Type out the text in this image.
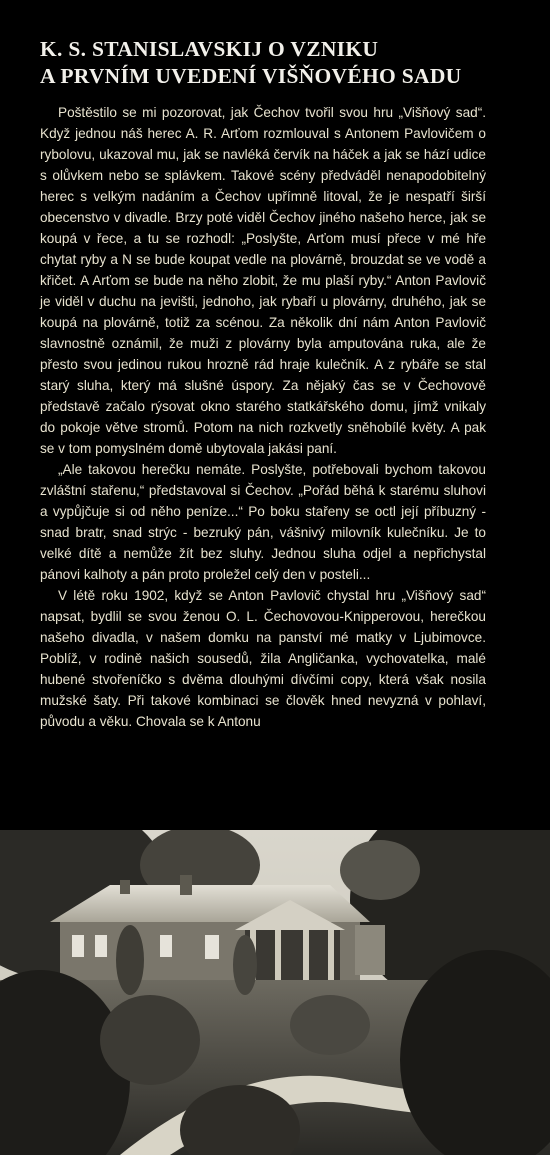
K. S. STANISLAVSKIJ O VZNIKU
A PRVNÍM UVEDENÍ VIŠŇOVÉHO SADU

Poštěstilo se mi pozorovat, jak Čechov tvořil svou hru „Višňový sad“. Když jednou náš herec A. R. Arťom rozmlouval s Antonem Pavlovičem o rybolovu, ukazoval mu, jak se navléká červík na háček a jak se hází udice s olůvkem nebo se splávkem. Takové scény předváděl nenapodobitelný herec s velkým nadáním a Čechov upřímně litoval, že je nespatří širší obecenstvo v divadle. Brzy poté viděl Čechov jiného našeho herce, jak se koupá v řece, a tu se rozhodl: „Poslyšte, Arťom musí přece v mé hře chytat ryby a N se bude koupat vedle na plovárně, brouzdat se ve vodě a křičet. A Arťom se bude na něho zlobit, že mu plaší ryby.“ Anton Pavlovič je viděl v duchu na jevišti, jednoho, jak rybaří u plovárny, druhého, jak se koupá na plovárně, totiž za scénou. Za několik dní nám Anton Pavlovič slavnostně oznámil, že muži z plovárny byla amputována ruka, ale že přesto svou jedinou rukou hrozně rád hraje kulečník. A z rybáře se stal starý sluha, který má slušné úspory. Za nějaký čas se v Čechovově představě začalo rýsovat okno starého statkářského domu, jímž vnikaly do pokoje větve stromů. Potom na nich rozkvetly sněhobílé květy. A pak se v tom pomyslném domě ubytovala jakási paní.

„Ale takovou herečku nemáte. Poslyšte, potřebovali bychom takovou zvláštní stařenu,“ představoval si Čechov. „Pořád běhá k starému sluhovi a vypůjčuje si od něho peníze...“ Po boku stařeny se octl její příbuzný - snad bratr, snad strýc - bezruký pán, vášnivý milovník kulečníku. Je to velké dítě a nemůže žít bez sluhy. Jednou sluha odjel a nepřichystal pánovi kalhoty a pán proto proležel celý den v posteli...

V létě roku 1902, když se Anton Pavlovič chystal hru „Višňový sad“ napsat, bydlil se svou ženou O. L. Čechovovou-Knipperovou, herečkou našeho divadla, v našem domku na panství mé matky v Ljubimovce. Poblíž, v rodině našich sousedů, žila Angličanka, vychovatelka, malé hubené stvořeníčko s dvěma dlouhými dívčími copy, která však nosila mužské šaty. Při takové kombinaci se člověk hned nevyzná v pohlaví, původu a věku. Chovala se k Antonu
